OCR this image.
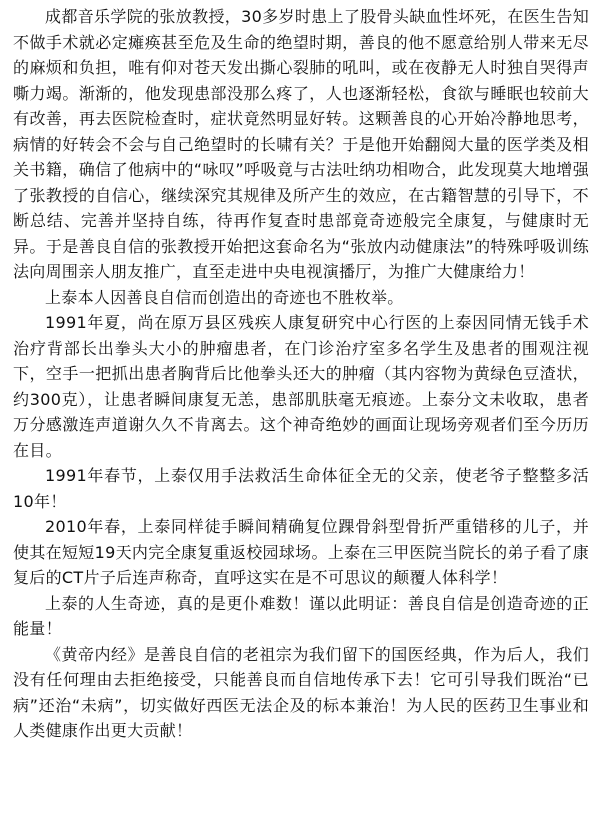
成都音乐学院的张放教授，30多岁时患上了股骨头缺血性坏死，在医生告知不做手术就必定瘫痪甚至危及生命的绝望时期，善良的他不愿意给别人带来无尽的麻烦和负担，唯有仰对苍天发出撕心裂肺的吼叫，或在夜静无人时独自哭得声嘶力竭。渐渐的，他发现患部没那么疼了，人也逐渐轻松，食欲与睡眠也较前大有改善，再去医院检查时，症状竟然明显好转。这颗善良的心开始冷静地思考，病情的好转会不会与自己绝望时的长啸有关？于是他开始翻阅大量的医学类及相关书籍，确信了他病中的“咏叹”呼吸竟与古法吐纳功相吻合，此发现莫大地增强了张教授的自信心，继续深究其规律及所产生的效应，在古籍智慧的引导下，不断总结、完善并坚持自练，待再作复查时患部竟奇迹般完全康复，与健康时无异。于是善良自信的张教授开始把这套命名为“张放内动健康法”的特殊呼吸训练法向周围亲人朋友推广，直至走进中央电视演播厅，为推广大健康给力！

上泰本人因善良自信而创造出的奇迹也不胜枚举。

1991年夏，尚在原万县区残疾人康复研究中心行医的上泰因同情无钱手术治疗背部长出拳头大小的肿瘤患者，在门诊治疗室多名学生及患者的围观注视下，空手一把抓出患者胸背后比他拳头还大的肿瘤（其内容物为黄绿色豆渣状，约300克），让患者瞬间康复无恙，患部肌肤毫无痕迹。上泰分文未收取，患者万分感激连声道谢久久不肯离去。这个神奇绝妙的画面让现场旁观者们至今历历在目。

1991年春节，上泰仅用手法救活生命体征全无的父亲，使老爷子整整多活10年！

2010年春，上泰同样徒手瞬间精确复位踝骨斜型骨折严重错移的儿子，并使其在短短19天内完全康复重返校园球场。上泰在三甲医院当院长的弟子看了康复后的CT片子后连声称奇，直呼这实在是不可思议的颠覆人体科学！

上泰的人生奇迹，真的是更仆难数！谨以此明证：善良自信是创造奇迹的正能量！

《黄帝内经》是善良自信的老祖宗为我们留下的国医经典，作为后人，我们没有任何理由去拒绝接受，只能善良而自信地传承下去！它可引导我们既治“已病”还治“未病”，切实做好西医无法企及的标本兼治！为人民的医药卫生事业和人类健康作出更大贡献！
